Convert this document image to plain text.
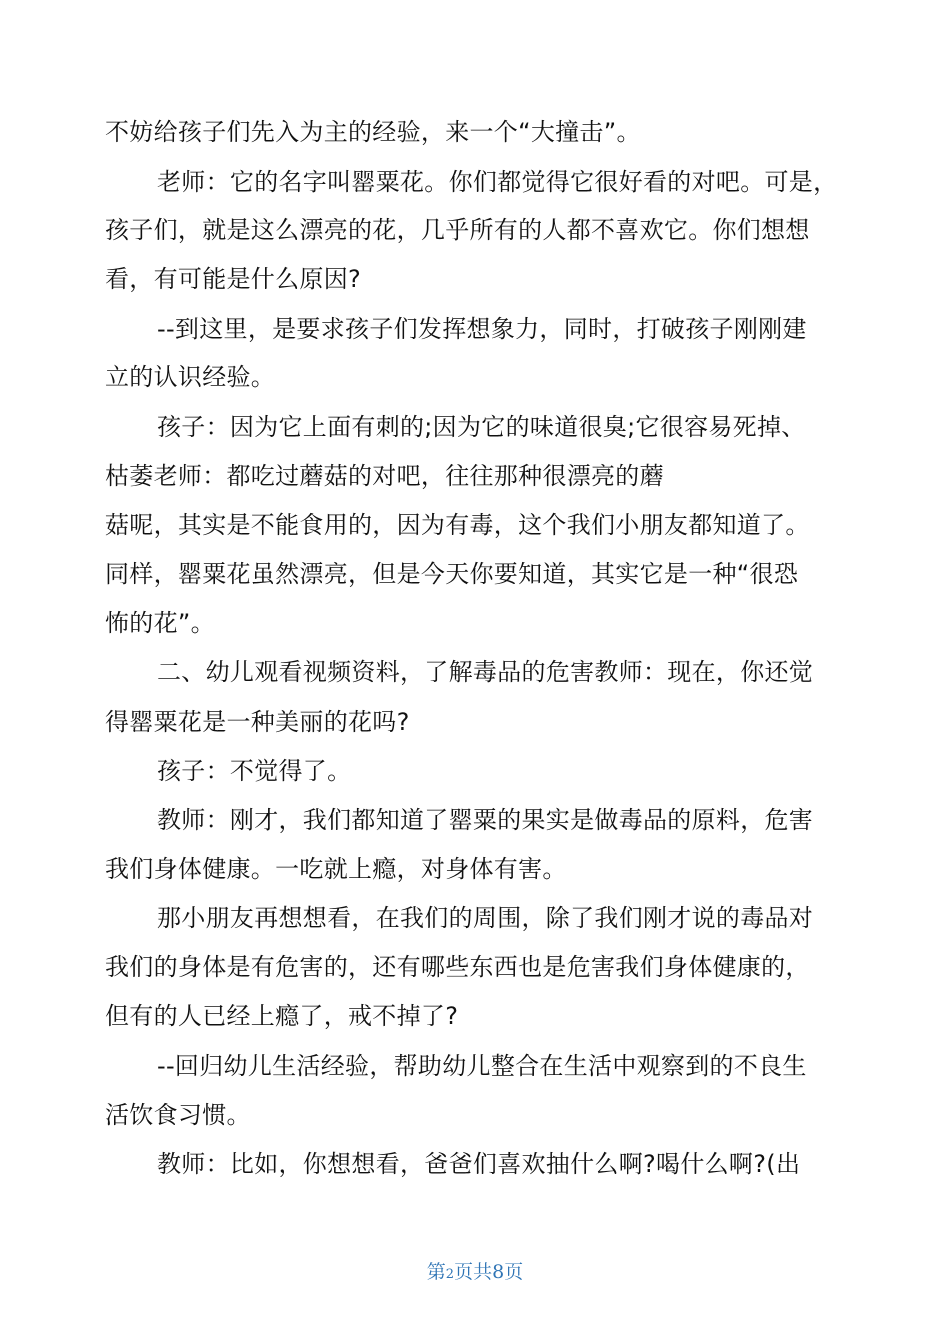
不妨给孩子们先入为主的经验，来一个“大撞击”。
老师：它的名字叫罂粟花。你们都觉得它很好看的对吧。可是，
孩子们，就是这么漂亮的花，几乎所有的人都不喜欢它。你们想想
看，有可能是什么原因?
--到这里，是要求孩子们发挥想象力，同时，打破孩子刚刚建
立的认识经验。
孩子：因为它上面有刺的;因为它的味道很臭;它很容易死掉、
枯萎老师：都吃过蘑菇的对吧，往往那种很漂亮的蘑
菇呢，其实是不能食用的，因为有毒，这个我们小朋友都知道了。
同样，罂粟花虽然漂亮，但是今天你要知道，其实它是一种“很恐
怖的花”。
二、幼儿观看视频资料，了解毒品的危害教师：现在，你还觉
得罂粟花是一种美丽的花吗?
孩子：不觉得了。
教师：刚才，我们都知道了罂粟的果实是做毒品的原料，危害
我们身体健康。一吃就上瘾，对身体有害。
那小朋友再想想看，在我们的周围，除了我们刚才说的毒品对
我们的身体是有危害的，还有哪些东西也是危害我们身体健康的，
但有的人已经上瘾了，戒不掉了?
--回归幼儿生活经验，帮助幼儿整合在生活中观察到的不良生
活饮食习惯。
教师：比如，你想想看，爸爸们喜欢抽什么啊?喝什么啊?(出
第2页共8页
